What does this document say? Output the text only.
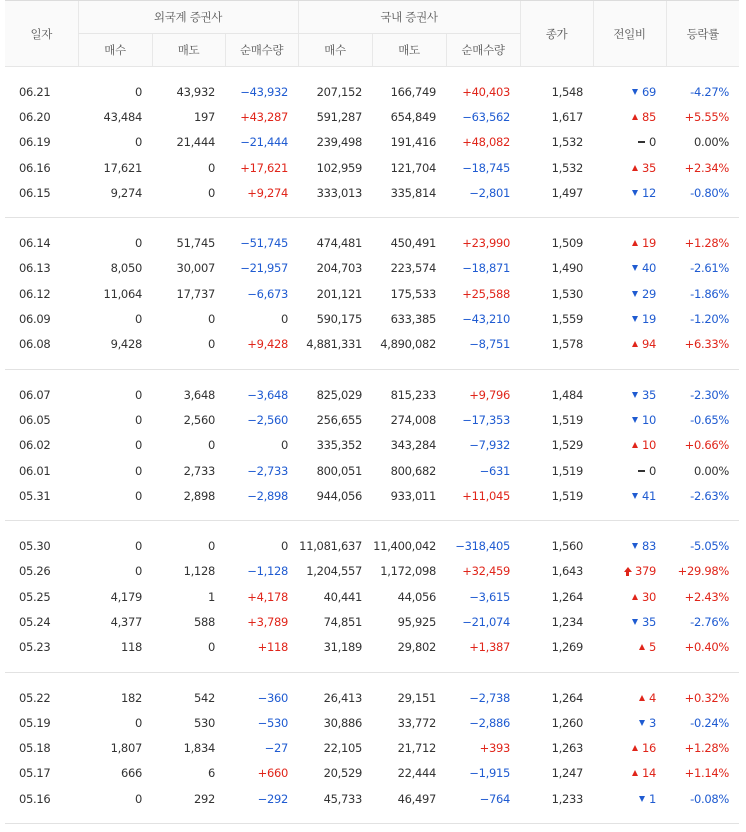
일자	외국계 증권사			국내 증권사			종가	전일비	등락률
	매수	매도	순매수량	매수	매도	순매수량			

06.21	0	43,932	−43,932	207,152	166,749	+40,403	1,548	69	-4.27%
06.20	43,484	197	+43,287	591,287	654,849	−63,562	1,617	85	+5.55%
06.19	0	21,444	−21,444	239,498	191,416	+48,082	1,532	0	0.00%
06.16	17,621	0	+17,621	102,959	121,704	−18,745	1,532	35	+2.34%
06.15	9,274	0	+9,274	333,013	335,814	−2,801	1,497	12	-0.80%

06.14	0	51,745	−51,745	474,481	450,491	+23,990	1,509	19	+1.28%
06.13	8,050	30,007	−21,957	204,703	223,574	−18,871	1,490	40	-2.61%
06.12	11,064	17,737	−6,673	201,121	175,533	+25,588	1,530	29	-1.86%
06.09	0	0	0	590,175	633,385	−43,210	1,559	19	-1.20%
06.08	9,428	0	+9,428	4,881,331	4,890,082	−8,751	1,578	94	+6.33%

06.07	0	3,648	−3,648	825,029	815,233	+9,796	1,484	35	-2.30%
06.05	0	2,560	−2,560	256,655	274,008	−17,353	1,519	10	-0.65%
06.02	0	0	0	335,352	343,284	−7,932	1,529	10	+0.66%
06.01	0	2,733	−2,733	800,051	800,682	−631	1,519	0	0.00%
05.31	0	2,898	−2,898	944,056	933,011	+11,045	1,519	41	-2.63%

05.30	0	0	0	11,081,637	11,400,042	−318,405	1,560	83	-5.05%
05.26	0	1,128	−1,128	1,204,557	1,172,098	+32,459	1,643	379	+29.98%
05.25	4,179	1	+4,178	40,441	44,056	−3,615	1,264	30	+2.43%
05.24	4,377	588	+3,789	74,851	95,925	−21,074	1,234	35	-2.76%
05.23	118	0	+118	31,189	29,802	+1,387	1,269	5	+0.40%

05.22	182	542	−360	26,413	29,151	−2,738	1,264	4	+0.32%
05.19	0	530	−530	30,886	33,772	−2,886	1,260	3	-0.24%
05.18	1,807	1,834	−27	22,105	21,712	+393	1,263	16	+1.28%
05.17	666	6	+660	20,529	22,444	−1,915	1,247	14	+1.14%
05.16	0	292	−292	45,733	46,497	−764	1,233	1	-0.08%
